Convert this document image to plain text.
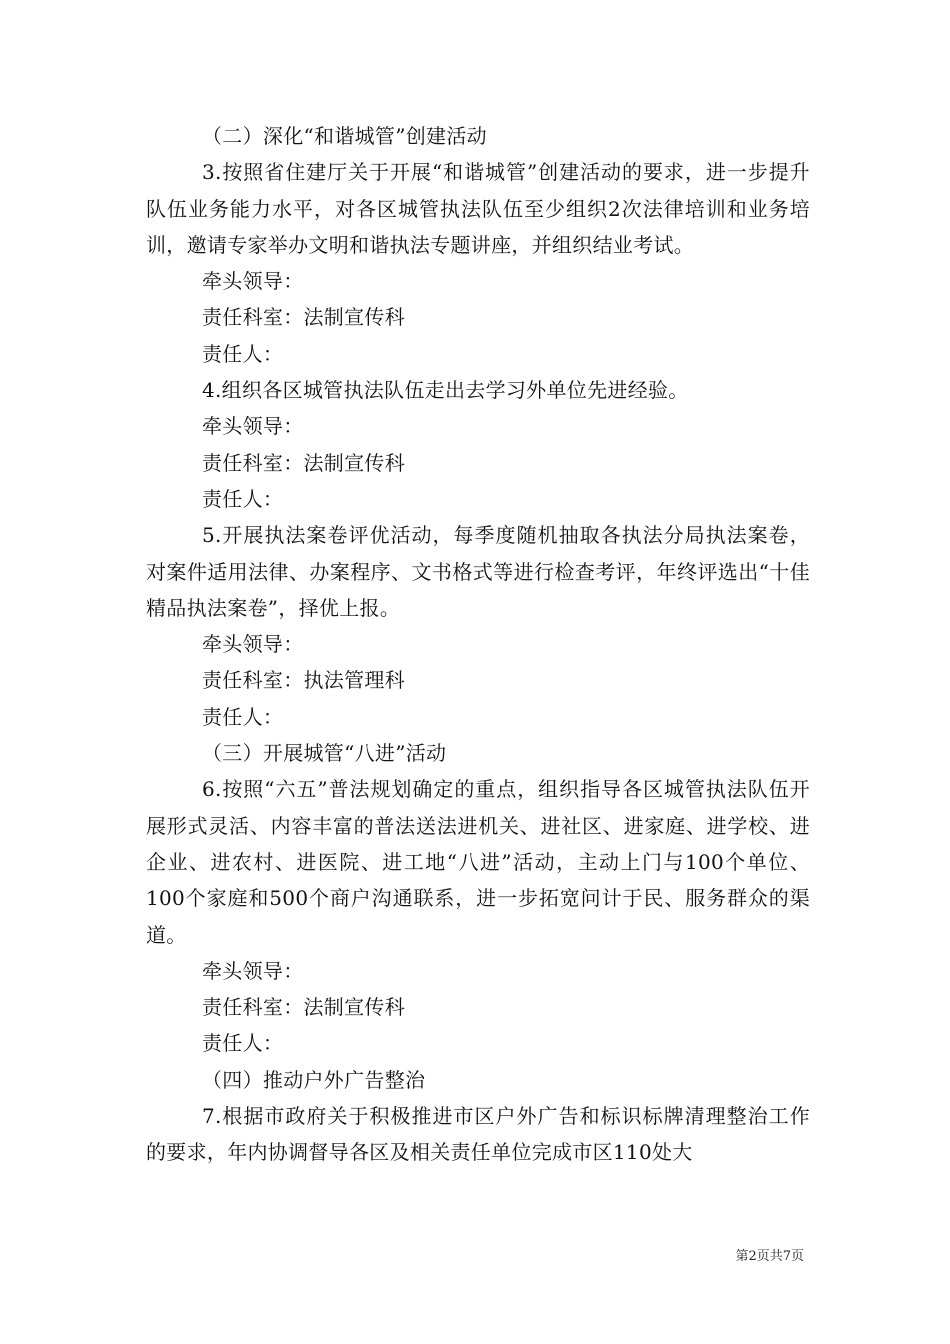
（二）深化“和谐城管”创建活动

3.按照省住建厅关于开展“和谐城管”创建活动的要求，进一步提升队伍业务能力水平，对各区城管执法队伍至少组织2次法律培训和业务培训，邀请专家举办文明和谐执法专题讲座，并组织结业考试。

牵头领导：

责任科室：法制宣传科

责任人：

4.组织各区城管执法队伍走出去学习外单位先进经验。

牵头领导：

责任科室：法制宣传科

责任人：

5.开展执法案卷评优活动，每季度随机抽取各执法分局执法案卷，对案件适用法律、办案程序、文书格式等进行检查考评，年终评选出“十佳精品执法案卷”，择优上报。

牵头领导：

责任科室：执法管理科

责任人：

（三）开展城管“八进”活动

6.按照“六五”普法规划确定的重点，组织指导各区城管执法队伍开展形式灵活、内容丰富的普法送法进机关、进社区、进家庭、进学校、进企业、进农村、进医院、进工地“八进”活动，主动上门与100个单位、100个家庭和500个商户沟通联系，进一步拓宽问计于民、服务群众的渠道。

牵头领导：

责任科室：法制宣传科

责任人：

（四）推动户外广告整治

7.根据市政府关于积极推进市区户外广告和标识标牌清理整治工作的要求，年内协调督导各区及相关责任单位完成市区110处大

第2页共7页
